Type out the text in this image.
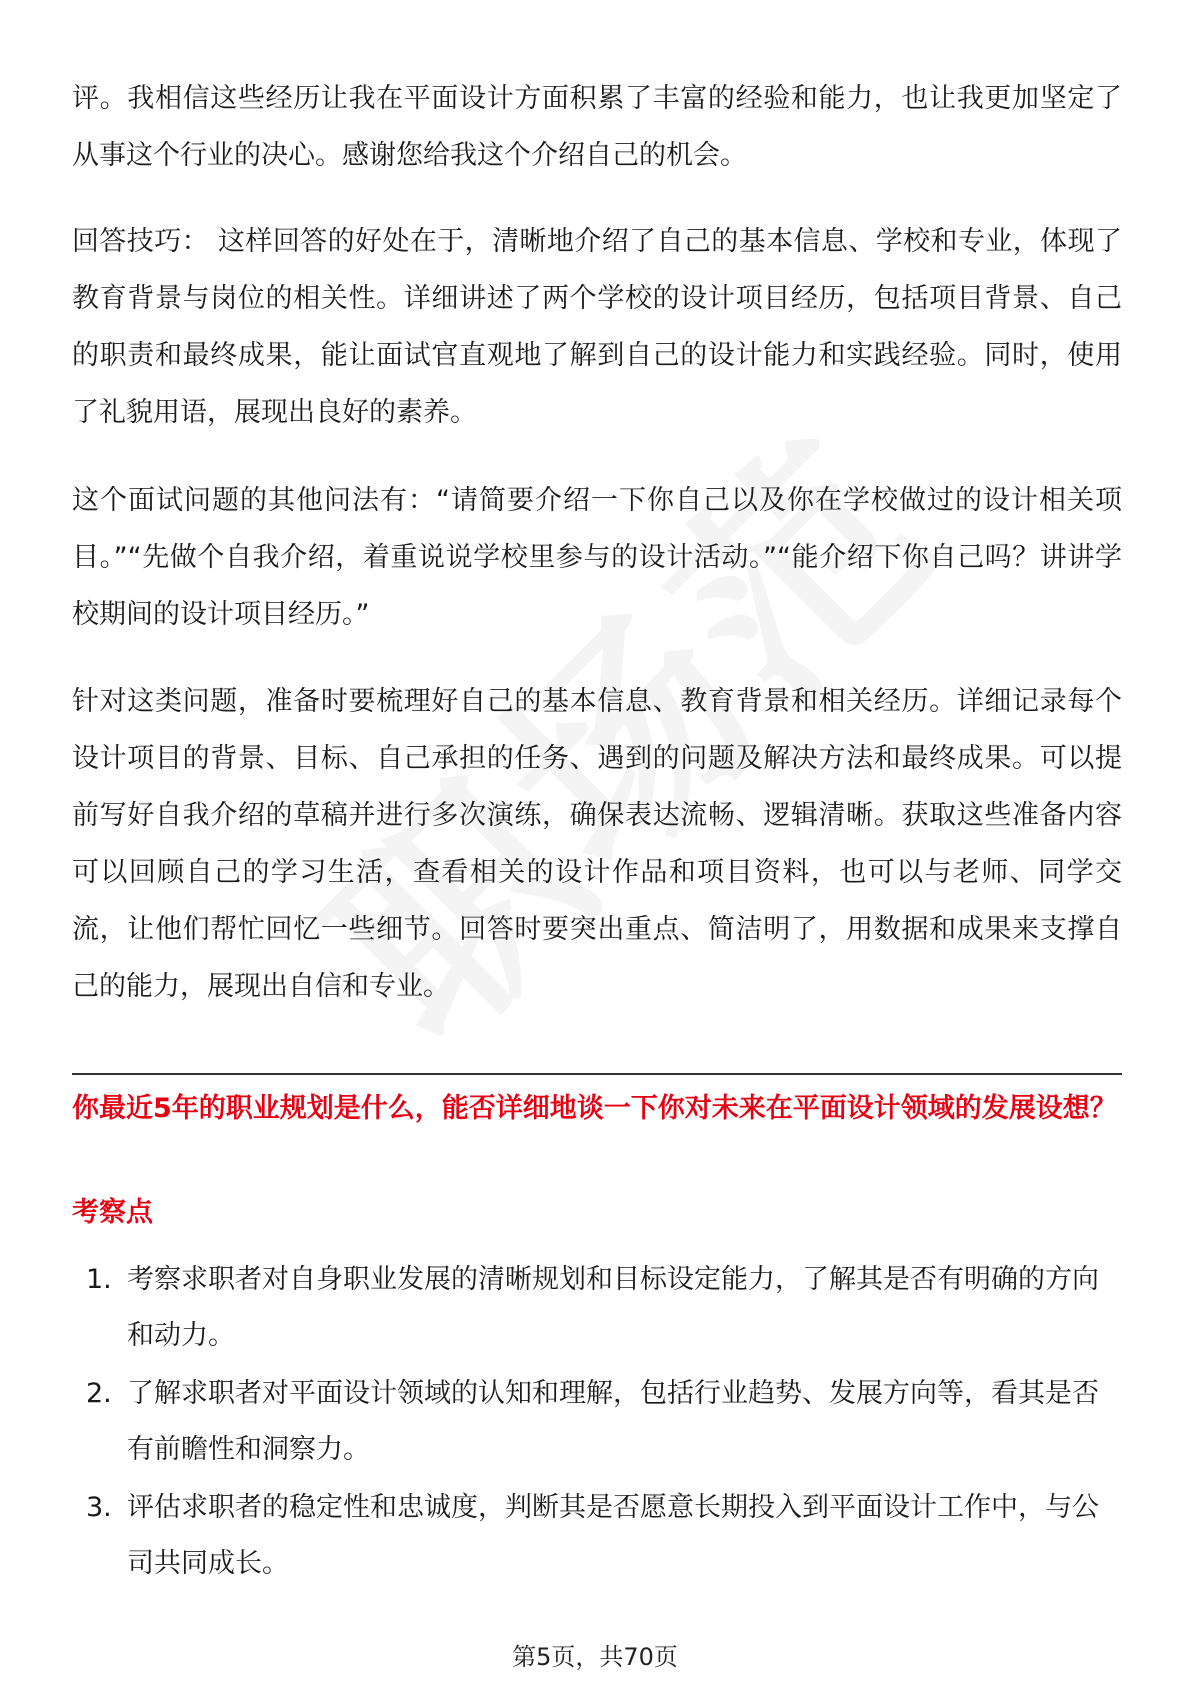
评。我相信这些经历让我在平面设计方面积累了丰富的经验和能力，也让我更加坚定了从事这个行业的决心。感谢您给我这个介绍自己的机会。

回答技巧： 这样回答的好处在于，清晰地介绍了自己的基本信息、学校和专业，体现了教育背景与岗位的相关性。详细讲述了两个学校的设计项目经历，包括项目背景、自己的职责和最终成果，能让面试官直观地了解到自己的设计能力和实践经验。同时，使用了礼貌用语，展现出良好的素养。

这个面试问题的其他问法有：“请简要介绍一下你自己以及你在学校做过的设计相关项目。”“先做个自我介绍，着重说说学校里参与的设计活动。”“能介绍下你自己吗？讲讲学校期间的设计项目经历。”

针对这类问题，准备时要梳理好自己的基本信息、教育背景和相关经历。详细记录每个设计项目的背景、目标、自己承担的任务、遇到的问题及解决方法和最终成果。可以提前写好自我介绍的草稿并进行多次演练，确保表达流畅、逻辑清晰。获取这些准备内容可以回顾自己的学习生活，查看相关的设计作品和项目资料，也可以与老师、同学交流，让他们帮忙回忆一些细节。回答时要突出重点、简洁明了，用数据和成果来支撑自己的能力，展现出自信和专业。

你最近5年的职业规划是什么，能否详细地谈一下你对未来在平面设计领域的发展设想？

考察点

1. 考察求职者对自身职业发展的清晰规划和目标设定能力，了解其是否有明确的方向和动力。
2. 了解求职者对平面设计领域的认知和理解，包括行业趋势、发展方向等，看其是否有前瞻性和洞察力。
3. 评估求职者的稳定性和忠诚度，判断其是否愿意长期投入到平面设计工作中，与公司共同成长。
第5页，共70页
